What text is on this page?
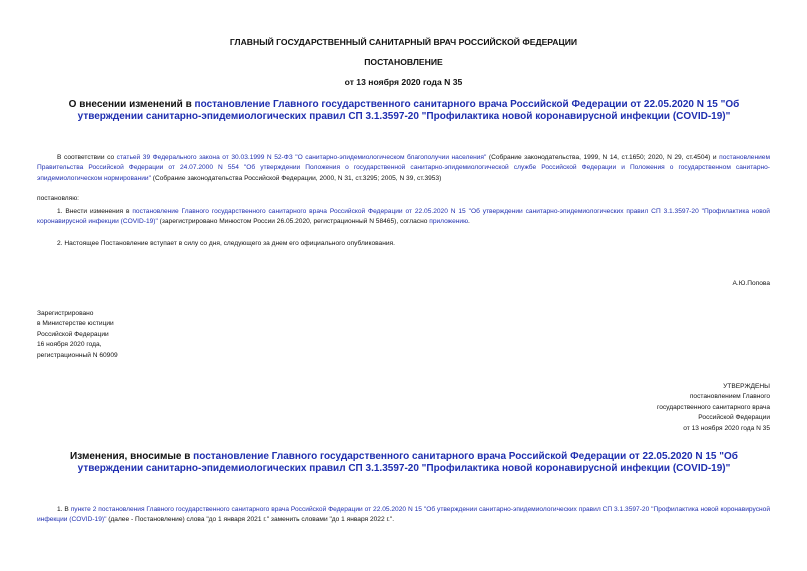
ГЛАВНЫЙ ГОСУДАРСТВЕННЫЙ САНИТАРНЫЙ ВРАЧ РОССИЙСКОЙ ФЕДЕРАЦИИ
ПОСТАНОВЛЕНИЕ
от 13 ноября 2020 года N 35
О внесении изменений в постановление Главного государственного санитарного врача Российской Федерации от 22.05.2020 N 15 "Об утверждении санитарно-эпидемиологических правил СП 3.1.3597-20 "Профилактика новой коронавирусной инфекции (COVID-19)"
В соответствии со статьей 39 Федерального закона от 30.03.1999 N 52-ФЗ "О санитарно-эпидемиологическом благополучии населения" (Собрание законодательства, 1999, N 14, ст.1650; 2020, N 29, ст.4504) и постановлением Правительства Российской Федерации от 24.07.2000 N 554 "Об утверждении Положения о государственной санитарно-эпидемиологической службе Российской Федерации и Положения о государственном санитарно-эпидемиологическом нормировании" (Собрание законодательства Российской Федерации, 2000, N 31, ст.3295; 2005, N 39, ст.3953)
постановляю:
1. Внести изменения в постановление Главного государственного санитарного врача Российской Федерации от 22.05.2020 N 15 "Об утверждении санитарно-эпидемиологических правил СП 3.1.3597-20 "Профилактика новой коронавирусной инфекции (COVID-19)" (зарегистрировано Минюстом России 26.05.2020, регистрационный N 58465), согласно приложению.
2. Настоящее Постановление вступает в силу со дня, следующего за днем его официального опубликования.
А.Ю.Попова
Зарегистрировано
в Министерстве юстиции
Российской Федерации
16 ноября 2020 года,
регистрационный N 60909
УТВЕРЖДЕНЫ
постановлением Главного
государственного санитарного врача
Российской Федерации
от 13 ноября 2020 года N 35
Изменения, вносимые в постановление Главного государственного санитарного врача Российской Федерации от 22.05.2020 N 15 "Об утверждении санитарно-эпидемиологических правил СП 3.1.3597-20 "Профилактика новой коронавирусной инфекции (COVID-19)"
1. В пункте 2 постановления Главного государственного санитарного врача Российской Федерации от 22.05.2020 N 15 "Об утверждении санитарно-эпидемиологических правил СП 3.1.3597-20 "Профилактика новой коронавирусной инфекции (COVID-19)" (далее - Постановление) слова "до 1 января 2021 г." заменить словами "до 1 января 2022 г.".
